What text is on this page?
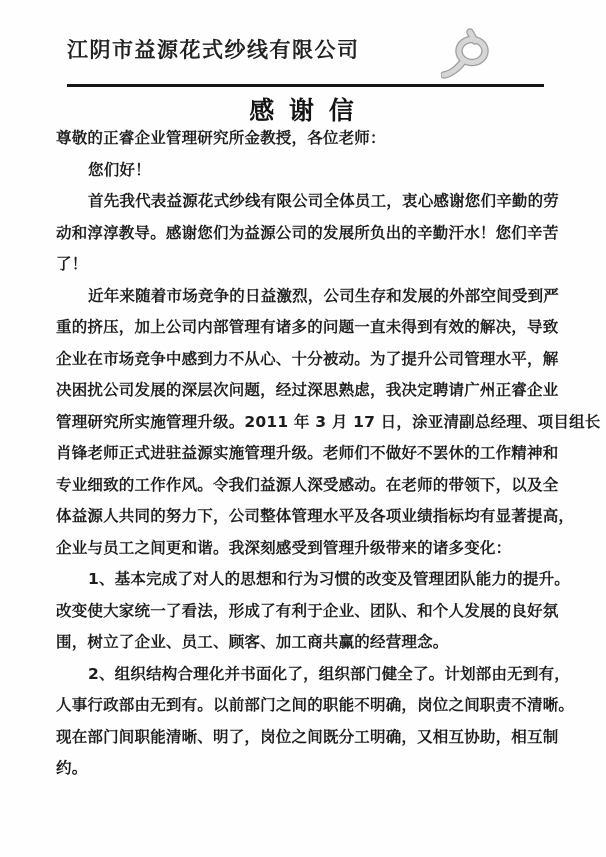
江阴市益源花式纱线有限公司
感 谢 信
尊敬的正睿企业管理研究所金教授，各位老师：
您们好！
首先我代表益源花式纱线有限公司全体员工，衷心感谢您们辛勤的劳
动和淳淳教导。感谢您们为益源公司的发展所负出的辛勤汗水！您们辛苦
了！
近年来随着市场竞争的日益激烈，公司生存和发展的外部空间受到严
重的挤压，加上公司内部管理有诸多的问题一直未得到有效的解决，导致
企业在市场竞争中感到力不从心、十分被动。为了提升公司管理水平，解
决困扰公司发展的深层次问题，经过深思熟虑，我决定聘请广州正睿企业
管理研究所实施管理升级。2011 年 3 月 17 日，涂亚清副总经理、项目组长
肖锋老师正式进驻益源实施管理升级。老师们不做好不罢休的工作精神和
专业细致的工作作风。令我们益源人深受感动。在老师的带领下，以及全
体益源人共同的努力下，公司整体管理水平及各项业绩指标均有显著提高，
企业与员工之间更和谐。我深刻感受到管理升级带来的诸多变化：
1、基本完成了对人的思想和行为习惯的改变及管理团队能力的提升。
改变使大家统一了看法，形成了有利于企业、团队、和个人发展的良好氛
围，树立了企业、员工、顾客、加工商共赢的经营理念。
2、组织结构合理化并书面化了，组织部门健全了。计划部由无到有，
人事行政部由无到有。以前部门之间的职能不明确，岗位之间职责不清晰。
现在部门间职能清晰、明了，岗位之间既分工明确，又相互协助，相互制
约。
